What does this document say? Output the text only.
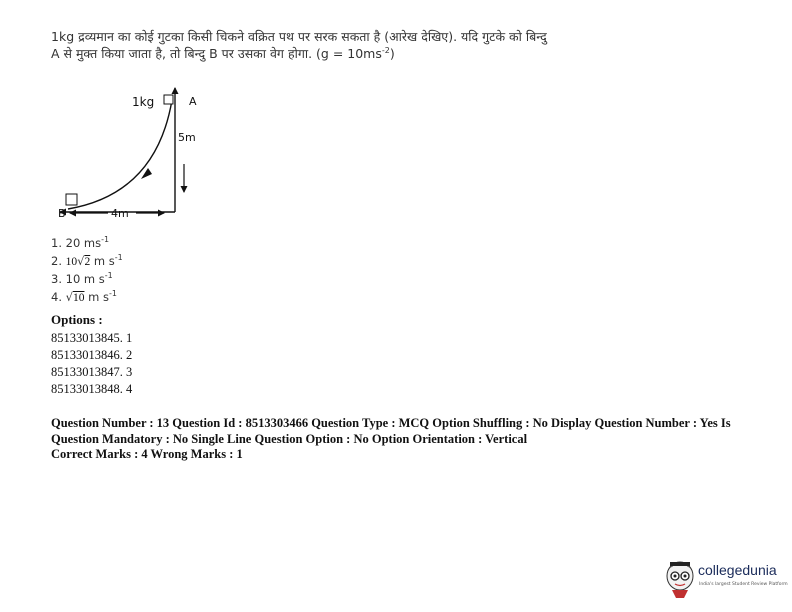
1kg द्रव्यमान का कोई गुटका किसी चिकने वक्रित पथ पर सरक सकता है (आरेख देखिए). यदि गुटके को बिन्दु
A से मुक्त किया जाता है, तो बिन्दु B पर उसका वेग होगा. $(g = 10ms^{-2})$
1kg	A
5m
B	4m
1. 20 $ms^{-1}$
2. 10√2 m $s^{-1}$
3. 10 m $s^{-1}$
4. √10 m $s^{-1}$
Options :
85133013845. 1
85133013846. 2
85133013847. 3
85133013848. 4
Question Number : 13 Question Id : 8513303466 Question Type : MCQ Option Shuffling : No Display Question Number : Yes Is
Question Mandatory : No Single Line Question Option : No Option Orientation : Vertical
Correct Marks : 4 Wrong Marks : 1
collegedunia
India's largest Student Review Platform
